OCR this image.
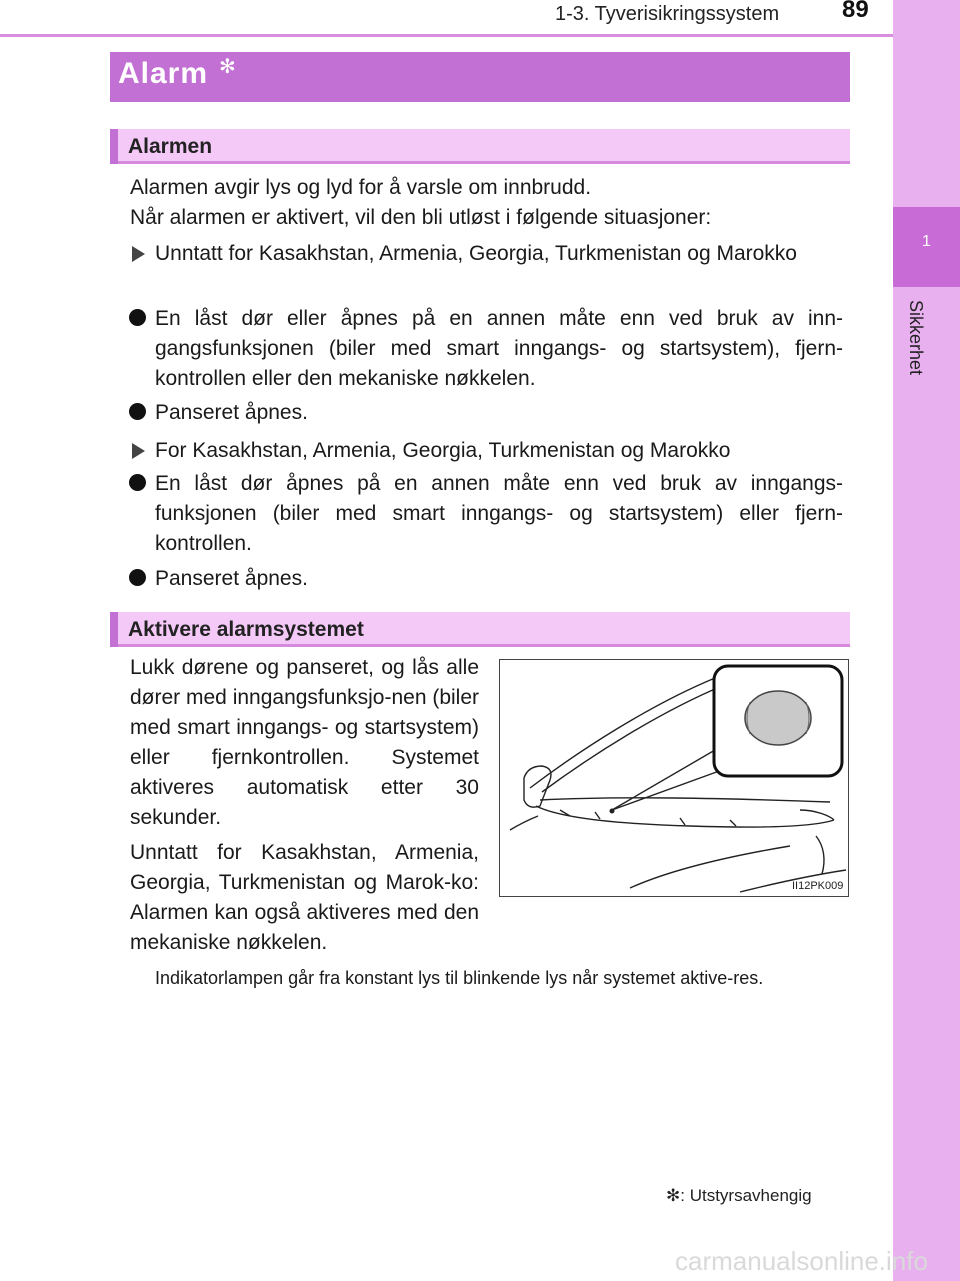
1-3. Tyverisikringssystem	89
1
Sikkerhet
Alarm ✻
Alarmen
Alarmen avgir lys og lyd for å varsle om innbrudd.
Når alarmen er aktivert, vil den bli utløst i følgende situasjoner:
Unntatt for Kasakhstan, Armenia, Georgia, Turkmenistan og Marokko
En låst dør eller åpnes på en annen måte enn ved bruk av inn-gangsfunksjonen (biler med smart inngangs- og startsystem), fjern-kontrollen eller den mekaniske nøkkelen.
Panseret åpnes.
For Kasakhstan, Armenia, Georgia, Turkmenistan og Marokko
En låst dør åpnes på en annen måte enn ved bruk av inngangs-funksjonen (biler med smart inngangs- og startsystem) eller fjern-kontrollen.
Panseret åpnes.
Aktivere alarmsystemet
Lukk dørene og panseret, og lås alle dører med inngangsfunksjo-nen (biler med smart inngangs- og startsystem) eller fjernkontrollen. Systemet aktiveres automatisk etter 30 sekunder.
Unntatt for Kasakhstan, Armenia, Georgia, Turkmenistan og Marok-ko: Alarmen kan også aktiveres med den mekaniske nøkkelen.
II12PK009
Indikatorlampen går fra konstant lys til blinkende lys når systemet aktive-res.
✻: Utstyrsavhengig
carmanualsonline.info
